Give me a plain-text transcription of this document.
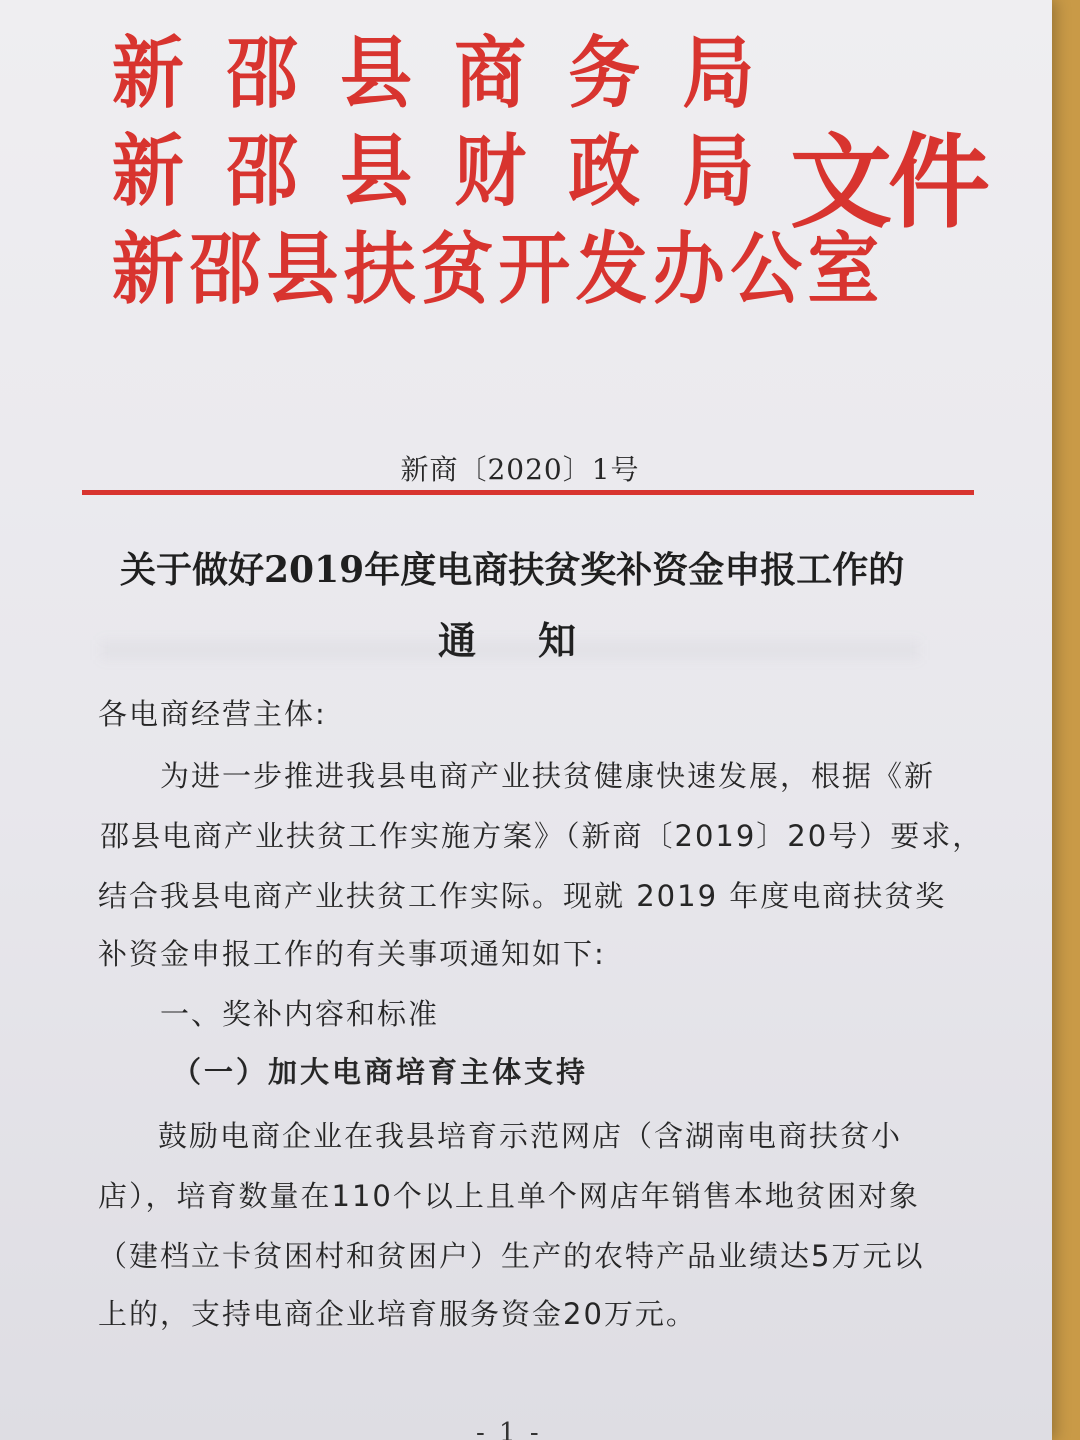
新邵县商务局
新邵县财政局
新邵县扶贫开发办公室
文件
新商〔2020〕1号
关于做好2019年度电商扶贫奖补资金申报工作的
通知
各电商经营主体:
为进一步推进我县电商产业扶贫健康快速发展，根据《新
邵县电商产业扶贫工作实施方案》（新商〔2019〕20号）要求，
结合我县电商产业扶贫工作实际。现就 2019 年度电商扶贫奖
补资金申报工作的有关事项通知如下:
一、奖补内容和标准
（一）加大电商培育主体支持
鼓励电商企业在我县培育示范网店（含湖南电商扶贫小
店），培育数量在110个以上且单个网店年销售本地贫困对象
（建档立卡贫困村和贫困户）生产的农特产品业绩达5万元以
上的，支持电商企业培育服务资金20万元。
- 1 -
